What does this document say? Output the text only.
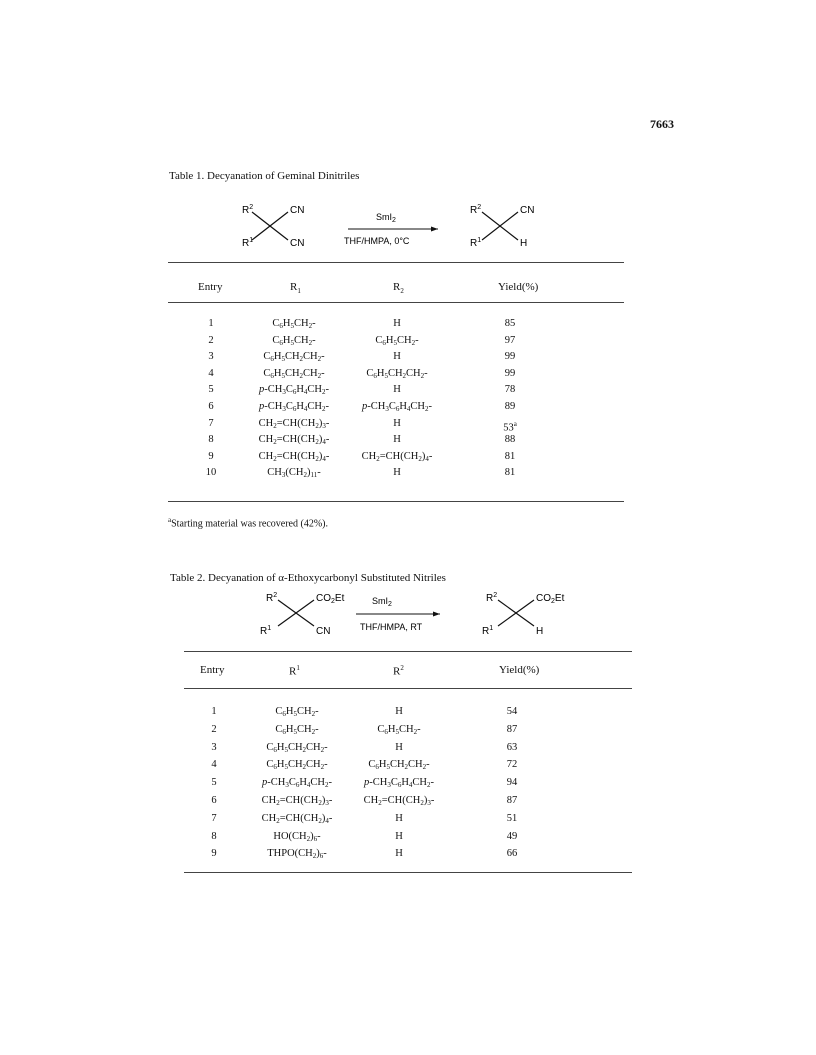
7663
Table 1. Decyanation of Geminal Dinitriles
$R^2$
$R^1$
CN
CN
SmI$_2$
THF/HMPA, 0°C
$R^2$
$R^1$
CN
H
Entry	$R_1$	$R_2$	Yield(%)
1	$C_6H_5CH_2-$	H	85
2	$C_6H_5CH_2-$	$C_6H_5CH_2-$	97
3	$C_6H_5CH_2CH_2-$	H	99
4	$C_6H_5CH_2CH_2-$	$C_6H_5CH_2CH_2-$	99
5	$p-CH_3C_6H_4CH_2-$	H	78
6	$p-CH_3C_6H_4CH_2-$	$p-CH_3C_6H_4CH_2-$	89
7	$CH_2=CH(CH_2)_3-$	H	53$^a$
8	$CH_2=CH(CH_2)_4-$	H	88
9	$CH_2=CH(CH_2)_4-$	$CH_2=CH(CH_2)_4-$	81
10	$CH_3(CH_2)_{11}-$	H	81
$^a$Starting material was recovered (42%).
Table 2. Decyanation of α-Ethoxycarbonyl Substituted Nitriles
$R^2$
$R^1$
$CO_2Et$
CN
SmI$_2$
THF/HMPA, RT
$R^2$
$R^1$
$CO_2Et$
H
Entry	$R^1$	$R^2$	Yield(%)
1	$C_6H_5CH_2-$	H	54
2	$C_6H_5CH_2-$	$C_6H_5CH_2-$	87
3	$C_6H_5CH_2CH_2-$	H	63
4	$C_6H_5CH_2CH_2-$	$C_6H_5CH_2CH_2-$	72
5	$p-CH_3C_6H_4CH_2-$	$p-CH_3C_6H_4CH_2-$	94
6	$CH_2=CH(CH_2)_3-$	$CH_2=CH(CH_2)_3-$	87
7	$CH_2=CH(CH_2)_4-$	H	51
8	$HO(CH_2)_6-$	H	49
9	$THPO(CH_2)_6-$	H	66
